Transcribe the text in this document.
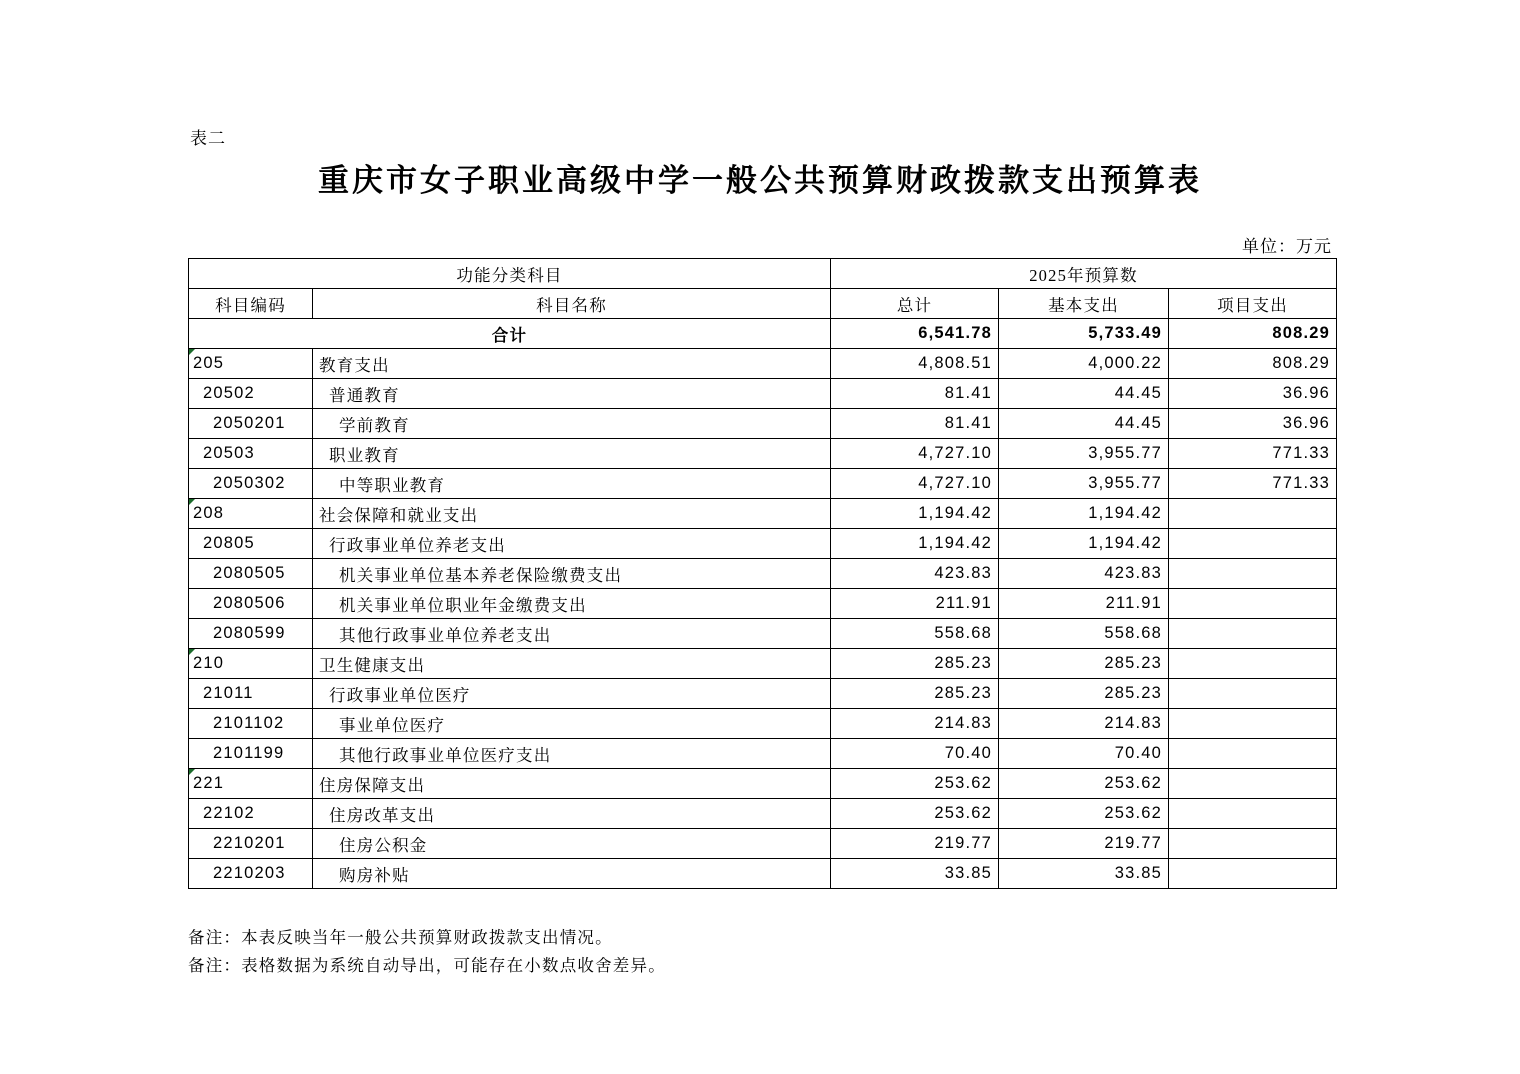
表二
重庆市女子职业高级中学一般公共预算财政拨款支出预算表
单位：万元
功能分类科目		2025年预算数		
科目编码	科目名称	总计	基本支出	项目支出
合计		6,541.78	5,733.49	808.29
205	教育支出	4,808.51	4,000.22	808.29
20502	普通教育	81.41	44.45	36.96
2050201	学前教育	81.41	44.45	36.96
20503	职业教育	4,727.10	3,955.77	771.33
2050302	中等职业教育	4,727.10	3,955.77	771.33
208	社会保障和就业支出	1,194.42	1,194.42	
20805	行政事业单位养老支出	1,194.42	1,194.42	
2080505	机关事业单位基本养老保险缴费支出	423.83	423.83	
2080506	机关事业单位职业年金缴费支出	211.91	211.91	
2080599	其他行政事业单位养老支出	558.68	558.68	
210	卫生健康支出	285.23	285.23	
21011	行政事业单位医疗	285.23	285.23	
2101102	事业单位医疗	214.83	214.83	
2101199	其他行政事业单位医疗支出	70.40	70.40	
221	住房保障支出	253.62	253.62	
22102	住房改革支出	253.62	253.62	
2210201	住房公积金	219.77	219.77	
2210203	购房补贴	33.85	33.85	
备注：本表反映当年一般公共预算财政拨款支出情况。
备注：表格数据为系统自动导出，可能存在小数点收舍差异。
